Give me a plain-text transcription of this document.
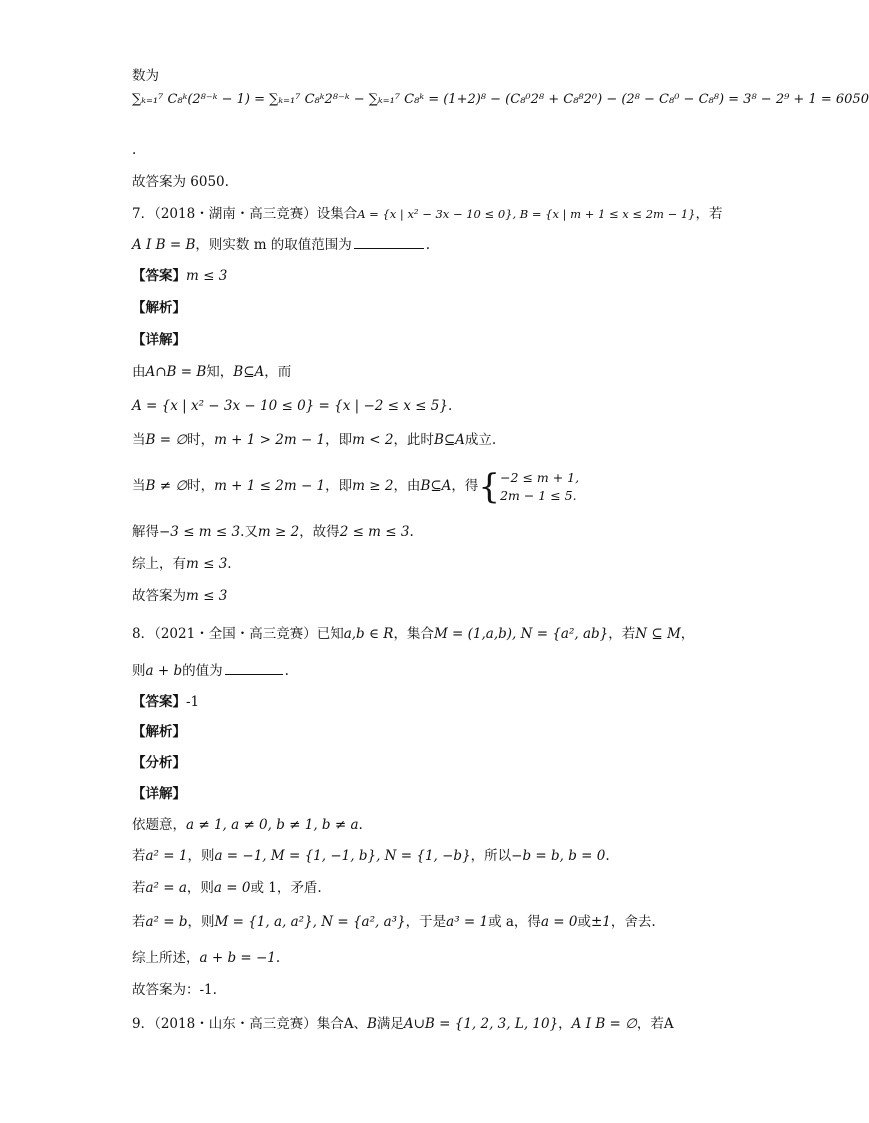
数为
∑ₖ₌₁⁷ C₈ᵏ(2⁸⁻ᵏ − 1) = ∑ₖ₌₁⁷ C₈ᵏ2⁸⁻ᵏ − ∑ₖ₌₁⁷ C₈ᵏ = (1+2)⁸ − (C₈⁰2⁸ + C₈⁸2⁰) − (2⁸ − C₈⁰ − C₈⁸) = 3⁸ − 2⁹ + 1 = 6050
.
故答案为 6050.
7．（2018・湖南・高三竞赛）设集合A = {x | x² − 3x − 10 ≤ 0}, B = {x | m + 1 ≤ x ≤ 2m − 1}，若
A I B = B，则实数 m 的取值范围为	.
【答案】m ≤ 3
【解析】
【详解】
由A∩B = B知，B⊆A，而
A = {x | x² − 3x − 10 ≤ 0} = {x | −2 ≤ x ≤ 5}.
当B = ∅时，m + 1 > 2m − 1，即m < 2，此时B⊆A成立.
当B ≠ ∅时，m + 1 ≤ 2m − 1，即m ≥ 2，由B⊆A，得{−2 ≤ m + 1,
2m − 1 ≤ 5.
解得−3 ≤ m ≤ 3.又m ≥ 2，故得2 ≤ m ≤ 3.
综上，有m ≤ 3.
故答案为m ≤ 3
8．（2021・全国・高三竞赛）已知a,b ∈ R，集合M = (1,a,b), N = {a², ab}，若N ⊆ M，
则a + b的值为	.
【答案】-1
【解析】
【分析】
【详解】
依题意，a ≠ 1, a ≠ 0, b ≠ 1, b ≠ a.
若a² = 1，则a = −1, M = {1, −1, b}, N = {1, −b}，所以−b = b, b = 0.
若a² = a，则a = 0或 1，矛盾.
若a² = b，则M = {1, a, a²}, N = {a², a³}，于是a³ = 1或 a，得a = 0或±1，舍去.
综上所述，a + b = −1.
故答案为：-1.
9．（2018・山东・高三竞赛）集合A、B满足A∪B = {1, 2, 3, L, 10}，A I B = ∅，若A
